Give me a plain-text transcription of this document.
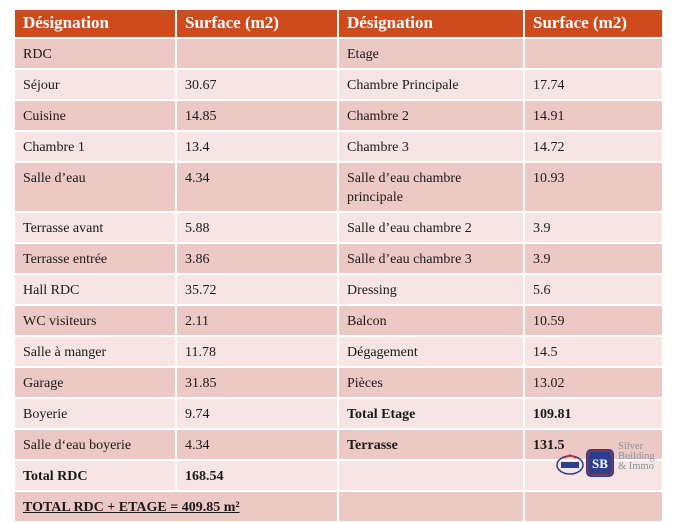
Désignation	Surface (m2)	Désignation	Surface (m2)
RDC		Etage	
Séjour	30.67	Chambre Principale	17.74
Cuisine	14.85	Chambre 2	14.91
Chambre 1	13.4	Chambre 3	14.72
Salle d’eau	4.34	Salle d’eau chambre principale	10.93
Terrasse avant	5.88	Salle d’eau chambre 2	3.9
Terrasse entrée	3.86	Salle d’eau chambre 3	3.9
Hall RDC	35.72	Dressing	5.6
WC visiteurs	2.11	Balcon	10.59
Salle à manger	11.78	Dégagement	14.5
Garage	31.85	Pièces	13.02
Boyerie	9.74	Total Etage	109.81
Salle d‘eau boyerie	4.34	Terrasse	131.5
Total RDC	168.54		
TOTAL RDC + ETAGE = 409.85 m²			
SB
Silver
Building
& Immo
